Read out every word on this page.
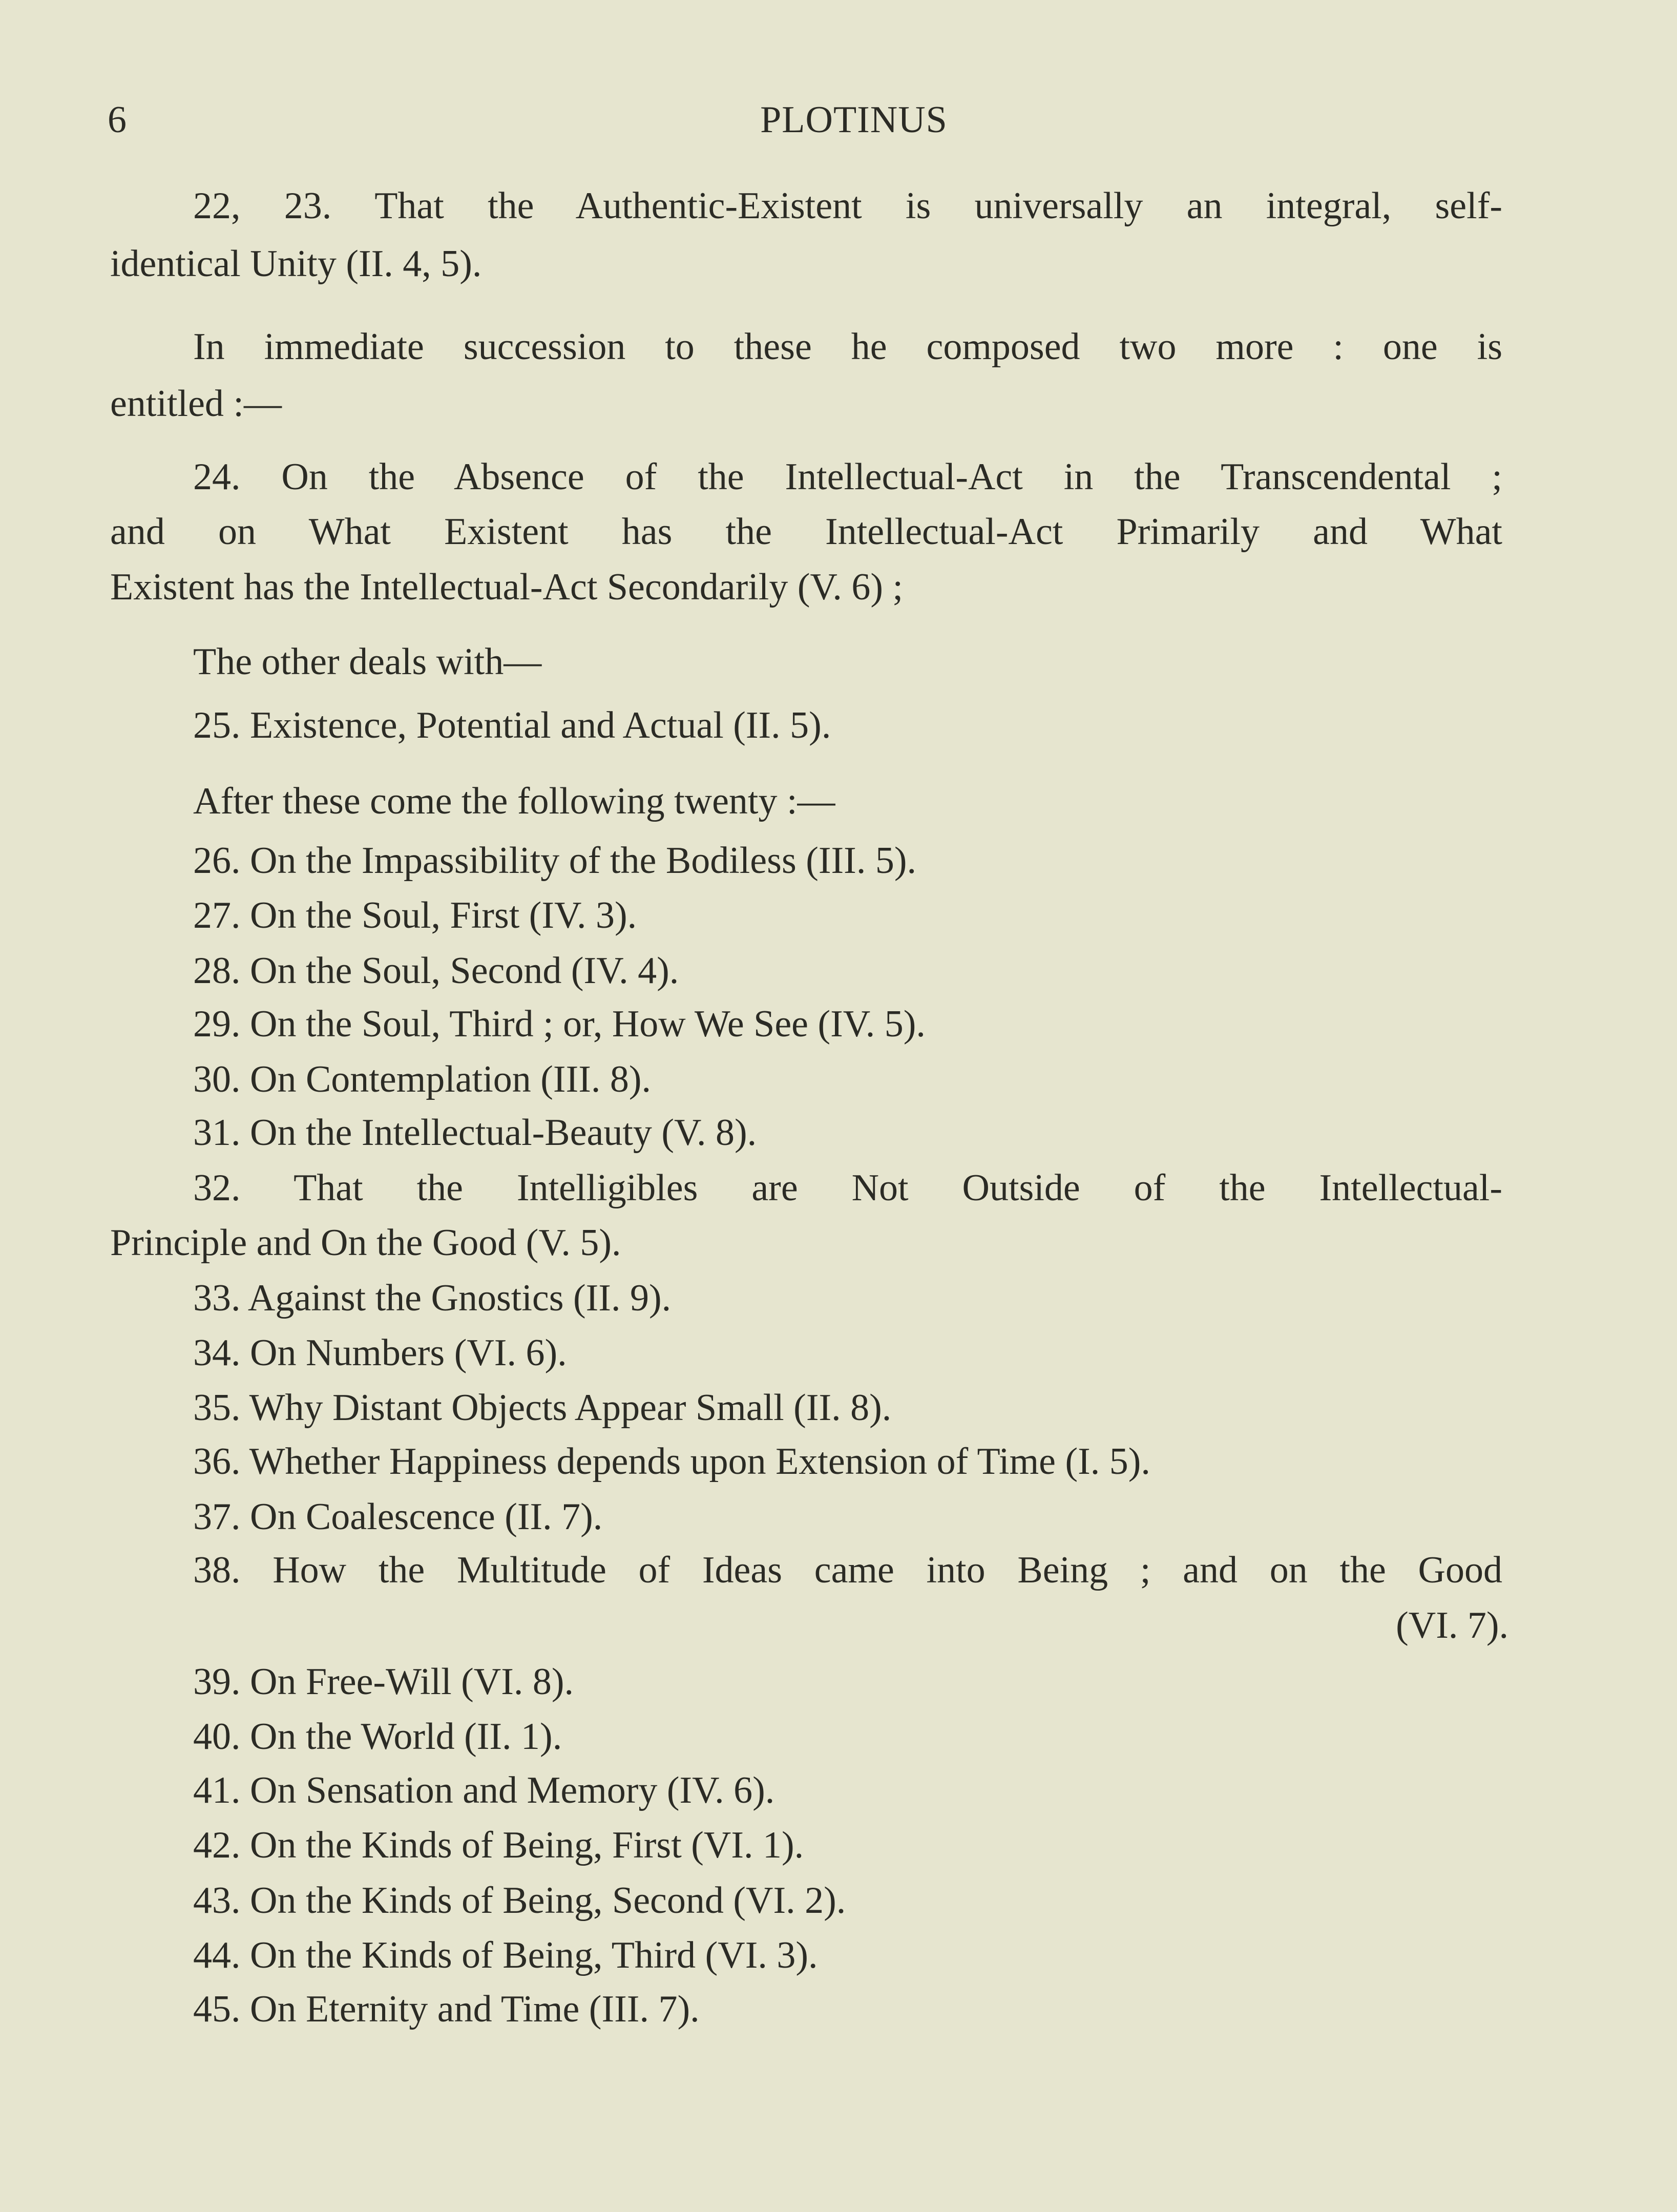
6	PLOTINUS
22, 23. That the Authentic-Existent is universally an integral, self-
identical Unity (II. 4, 5).
In immediate succession to these he composed two more : one is
entitled :—
24. On the Absence of the Intellectual-Act in the Transcendental ;
and on What Existent has the Intellectual-Act Primarily and What
Existent has the Intellectual-Act Secondarily (V. 6) ;
The other deals with—
25. Existence, Potential and Actual (II. 5).
After these come the following twenty :—
26. On the Impassibility of the Bodiless (III. 5).
27. On the Soul, First (IV. 3).
28. On the Soul, Second (IV. 4).
29. On the Soul, Third ; or, How We See (IV. 5).
30. On Contemplation (III. 8).
31. On the Intellectual-Beauty (V. 8).
32. That the Intelligibles are Not Outside of the Intellectual-
Principle and On the Good (V. 5).
33. Against the Gnostics (II. 9).
34. On Numbers (VI. 6).
35. Why Distant Objects Appear Small (II. 8).
36. Whether Happiness depends upon Extension of Time (I. 5).
37. On Coalescence (II. 7).
38. How the Multitude of Ideas came into Being ; and on the Good
(VI. 7).
39. On Free-Will (VI. 8).
40. On the World (II. 1).
41. On Sensation and Memory (IV. 6).
42. On the Kinds of Being, First (VI. 1).
43. On the Kinds of Being, Second (VI. 2).
44. On the Kinds of Being, Third (VI. 3).
45. On Eternity and Time (III. 7).
